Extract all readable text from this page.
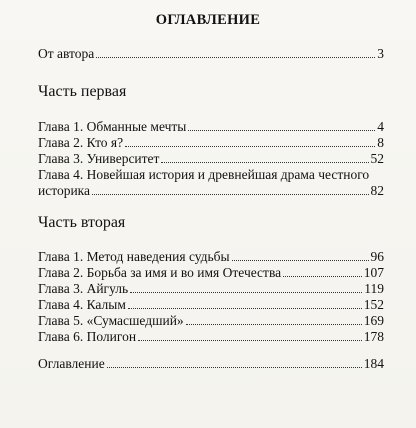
ОГЛАВЛЕНИЕ
От автора	3
Часть первая
Глава 1. Обманные мечты	4
Глава 2. Кто я?	8
Глава 3. Университет	52
Глава 4. Новейшая история и древнейшая драма честного
историка	82
Часть вторая
Глава 1. Метод наведения судьбы	96
Глава 2. Борьба за имя и во имя Отечества	107
Глава 3. Айгуль	119
Глава 4. Калым	152
Глава 5. «Сумасшедший»	169
Глава 6. Полигон	178
Оглавление	184
